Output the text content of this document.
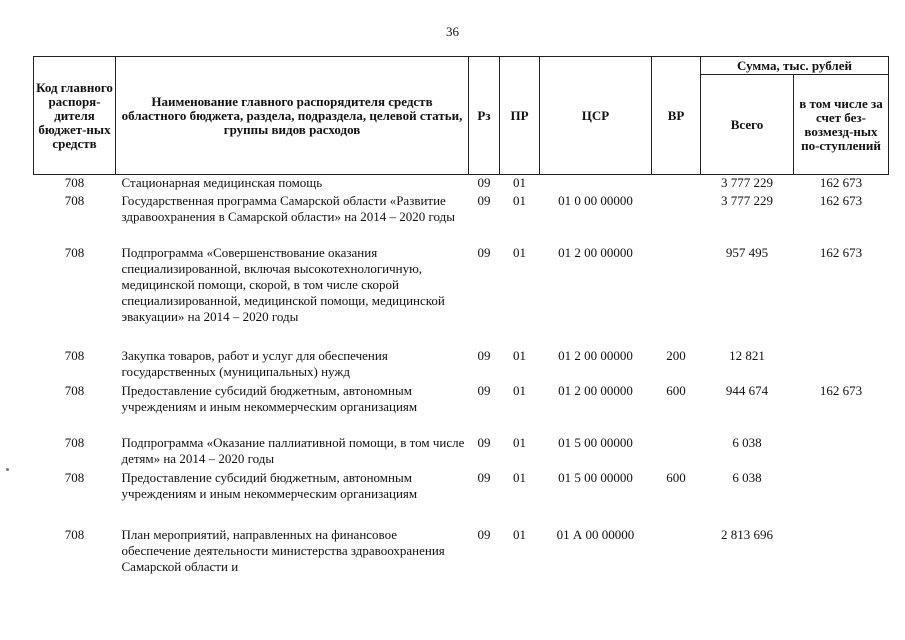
36
Код главного распоря-дителя бюджет-ных средств	Наименование главного распорядителя средств областного бюджета, раздела, подраздела, целевой статьи, группы видов расходов	Рз	ПР	ЦСР	ВР	Сумма, тыс. рублей	
						Всего	в том числе за счет без-возмезд-ных по-ступлений
708	Стационарная медицинская помощь	09	01			3 777 229	162 673
708	Государственная программа Самарской области «Развитие здравоохранения в Самарской области» на 2014 – 2020 годы	09	01	01 0 00 00000		3 777 229	162 673
708	Подпрограмма «Совершенствование оказания специализированной, включая высокотехнологичную, медицинской помощи, скорой, в том числе скорой специализированной, медицинской помощи, медицинской эвакуации» на 2014 – 2020 годы	09	01	01 2 00 00000		957 495	162 673
708	Закупка товаров, работ и услуг для обеспечения государственных (муниципальных) нужд	09	01	01 2 00 00000	200	12 821	
708	Предоставление субсидий бюджетным, автономным учреждениям и иным некоммерческим организациям	09	01	01 2 00 00000	600	944 674	162 673
708	Подпрограмма «Оказание паллиативной помощи, в том числе детям» на 2014 – 2020 годы	09	01	01 5 00 00000		6 038	
708	Предоставление субсидий бюджетным, автономным учреждениям и иным некоммерческим организациям	09	01	01 5 00 00000	600	6 038	
708	План мероприятий, направленных на финансовое обеспечение деятельности министерства здравоохранения Самарской области и	09	01	01 А 00 00000		2 813 696	
